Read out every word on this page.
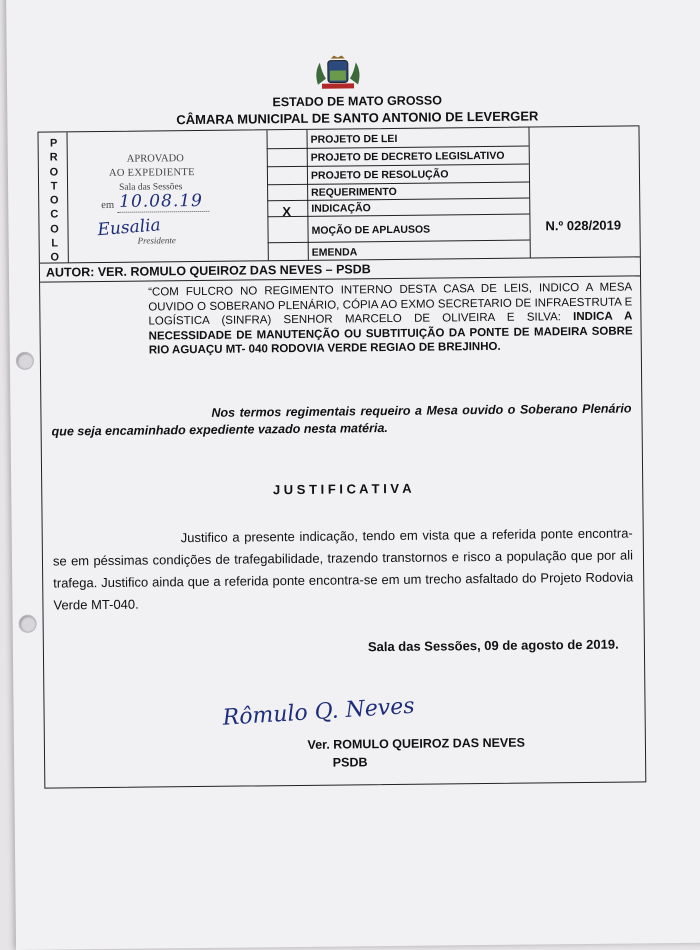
ESTADO DE MATO GROSSO
CÂMARA MUNICIPAL DE SANTO ANTONIO DE LEVERGER
P
R
O
T
O
C
O
L
O
APROVADO
AO EXPEDIENTE
Sala das Sessões
em 10.08.19
Eusalia
Presidente
PROJETO DE LEI
PROJETO DE DECRETO LEGISLATIVO
PROJETO DE RESOLUÇÃO
REQUERIMENTO
INDICAÇÃO
X
MOÇÃO DE APLAUSOS
EMENDA
N.º 028/2019
AUTOR: VER. ROMULO QUEIROZ DAS NEVES – PSDB
“COM FULCRO NO REGIMENTO INTERNO DESTA CASA DE LEIS, INDICO A MESA OUVIDO O SOBERANO PLENÁRIO, CÓPIA AO EXMO SECRETARIO DE INFRAESTRUTA E LOGÍSTICA (SINFRA) SENHOR MARCELO DE OLIVEIRA E SILVA: INDICA A NECESSIDADE DE MANUTENÇÃO OU SUBTITUIÇÃO DA PONTE DE MADEIRA SOBRE RIO AGUAÇU MT- 040 RODOVIA VERDE REGIAO DE BREJINHO.
Nos termos regimentais requeiro a Mesa ouvido o Soberano Plenário que seja encaminhado expediente vazado nesta matéria.
J U S T I F I C A T I V A
Justifico a presente indicação, tendo em vista que a referida ponte encontra-se em péssimas condições de trafegabilidade, trazendo transtornos e risco a população que por ali trafega. Justifico ainda que a referida ponte encontra-se em um trecho asfaltado do Projeto Rodovia Verde MT-040.
Sala das Sessões, 09 de agosto de 2019.
Rômulo Q. Neves
Ver. ROMULO QUEIROZ DAS NEVES
PSDB
